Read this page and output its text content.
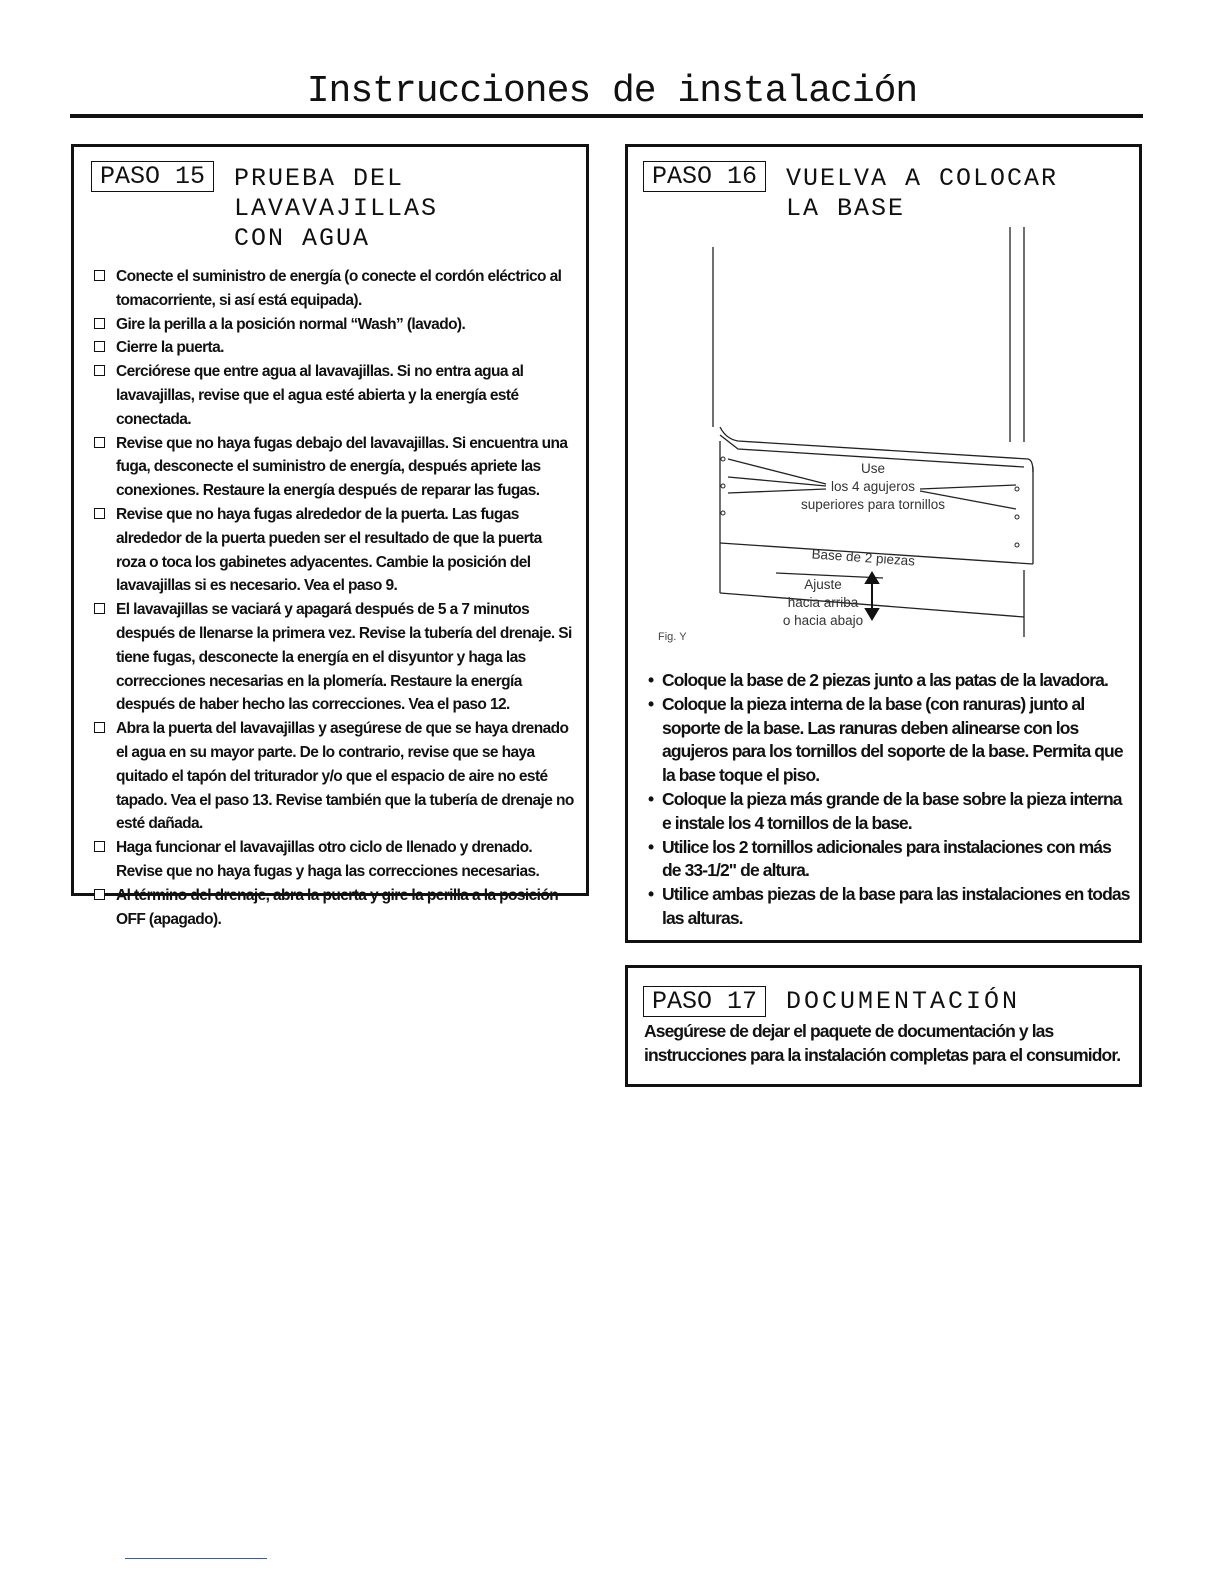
Instrucciones de instalación
PASO 15	PRUEBA DEL
LAVAVAJILLAS
CON AGUA
Conecte el suministro de energía (o conecte el cordón eléctrico al tomacorriente, si así está equipada).
Gire la perilla a la posición normal “Wash” (lavado).
Cierre la puerta.
Cerciórese que entre agua al lavavajillas. Si no entra agua al lavavajillas, revise que el agua esté abierta y la energía esté conectada.
Revise que no haya fugas debajo del lavavajillas. Si encuentra una fuga, desconecte el suministro de energía, después apriete las conexiones. Restaure la energía después de reparar las fugas.
Revise que no haya fugas alrededor de la puerta. Las fugas alrededor de la puerta pueden ser el resultado de que la puerta roza o toca los gabinetes adyacentes. Cambie la posición del lavavajillas si es necesario. Vea el paso 9.
El lavavajillas se vaciará y apagará después de 5 a 7 minutos después de llenarse la primera vez. Revise la tubería del drenaje. Si tiene fugas, desconecte la energía en el disyuntor y haga las correcciones necesarias en la plomería. Restaure la energía después de haber hecho las correcciones. Vea el paso 12.
Abra la puerta del lavavajillas y asegúrese de que se haya drenado el agua en su mayor parte. De lo contrario, revise que se haya quitado el tapón del triturador y/o que el espacio de aire no esté tapado. Vea el paso 13. Revise también que la tubería de drenaje no esté dañada.
Haga funcionar el lavavajillas otro ciclo de llenado y drenado. Revise que no haya fugas y haga las correcciones necesarias.
Al término del drenaje, abra la puerta y gire la perilla a la posición OFF (apagado).
PASO 16	VUELVA A COLOCAR
LA BASE
Use
los 4 agujeros
superiores para tornillos
Base de 2 piezas
Ajuste
hacia arriba
o hacia abajo
Fig. Y
• Coloque la base de 2 piezas junto a las patas de la lavadora.
• Coloque la pieza interna de la base (con ranuras) junto al soporte de la base. Las ranuras deben alinearse con los agujeros para los tornillos del soporte de la base. Permita que la base toque el piso.
• Coloque la pieza más grande de la base sobre la pieza interna e instale los 4 tornillos de la base.
• Utilice los 2 tornillos adicionales para instalaciones con más de 33-1/2" de altura.
• Utilice ambas piezas de la base para las instalaciones en todas las alturas.
PASO 17	DOCUMENTACIÓN
Asegúrese de dejar el paquete de documentación y las instrucciones para la instalación completas para el consumidor.
